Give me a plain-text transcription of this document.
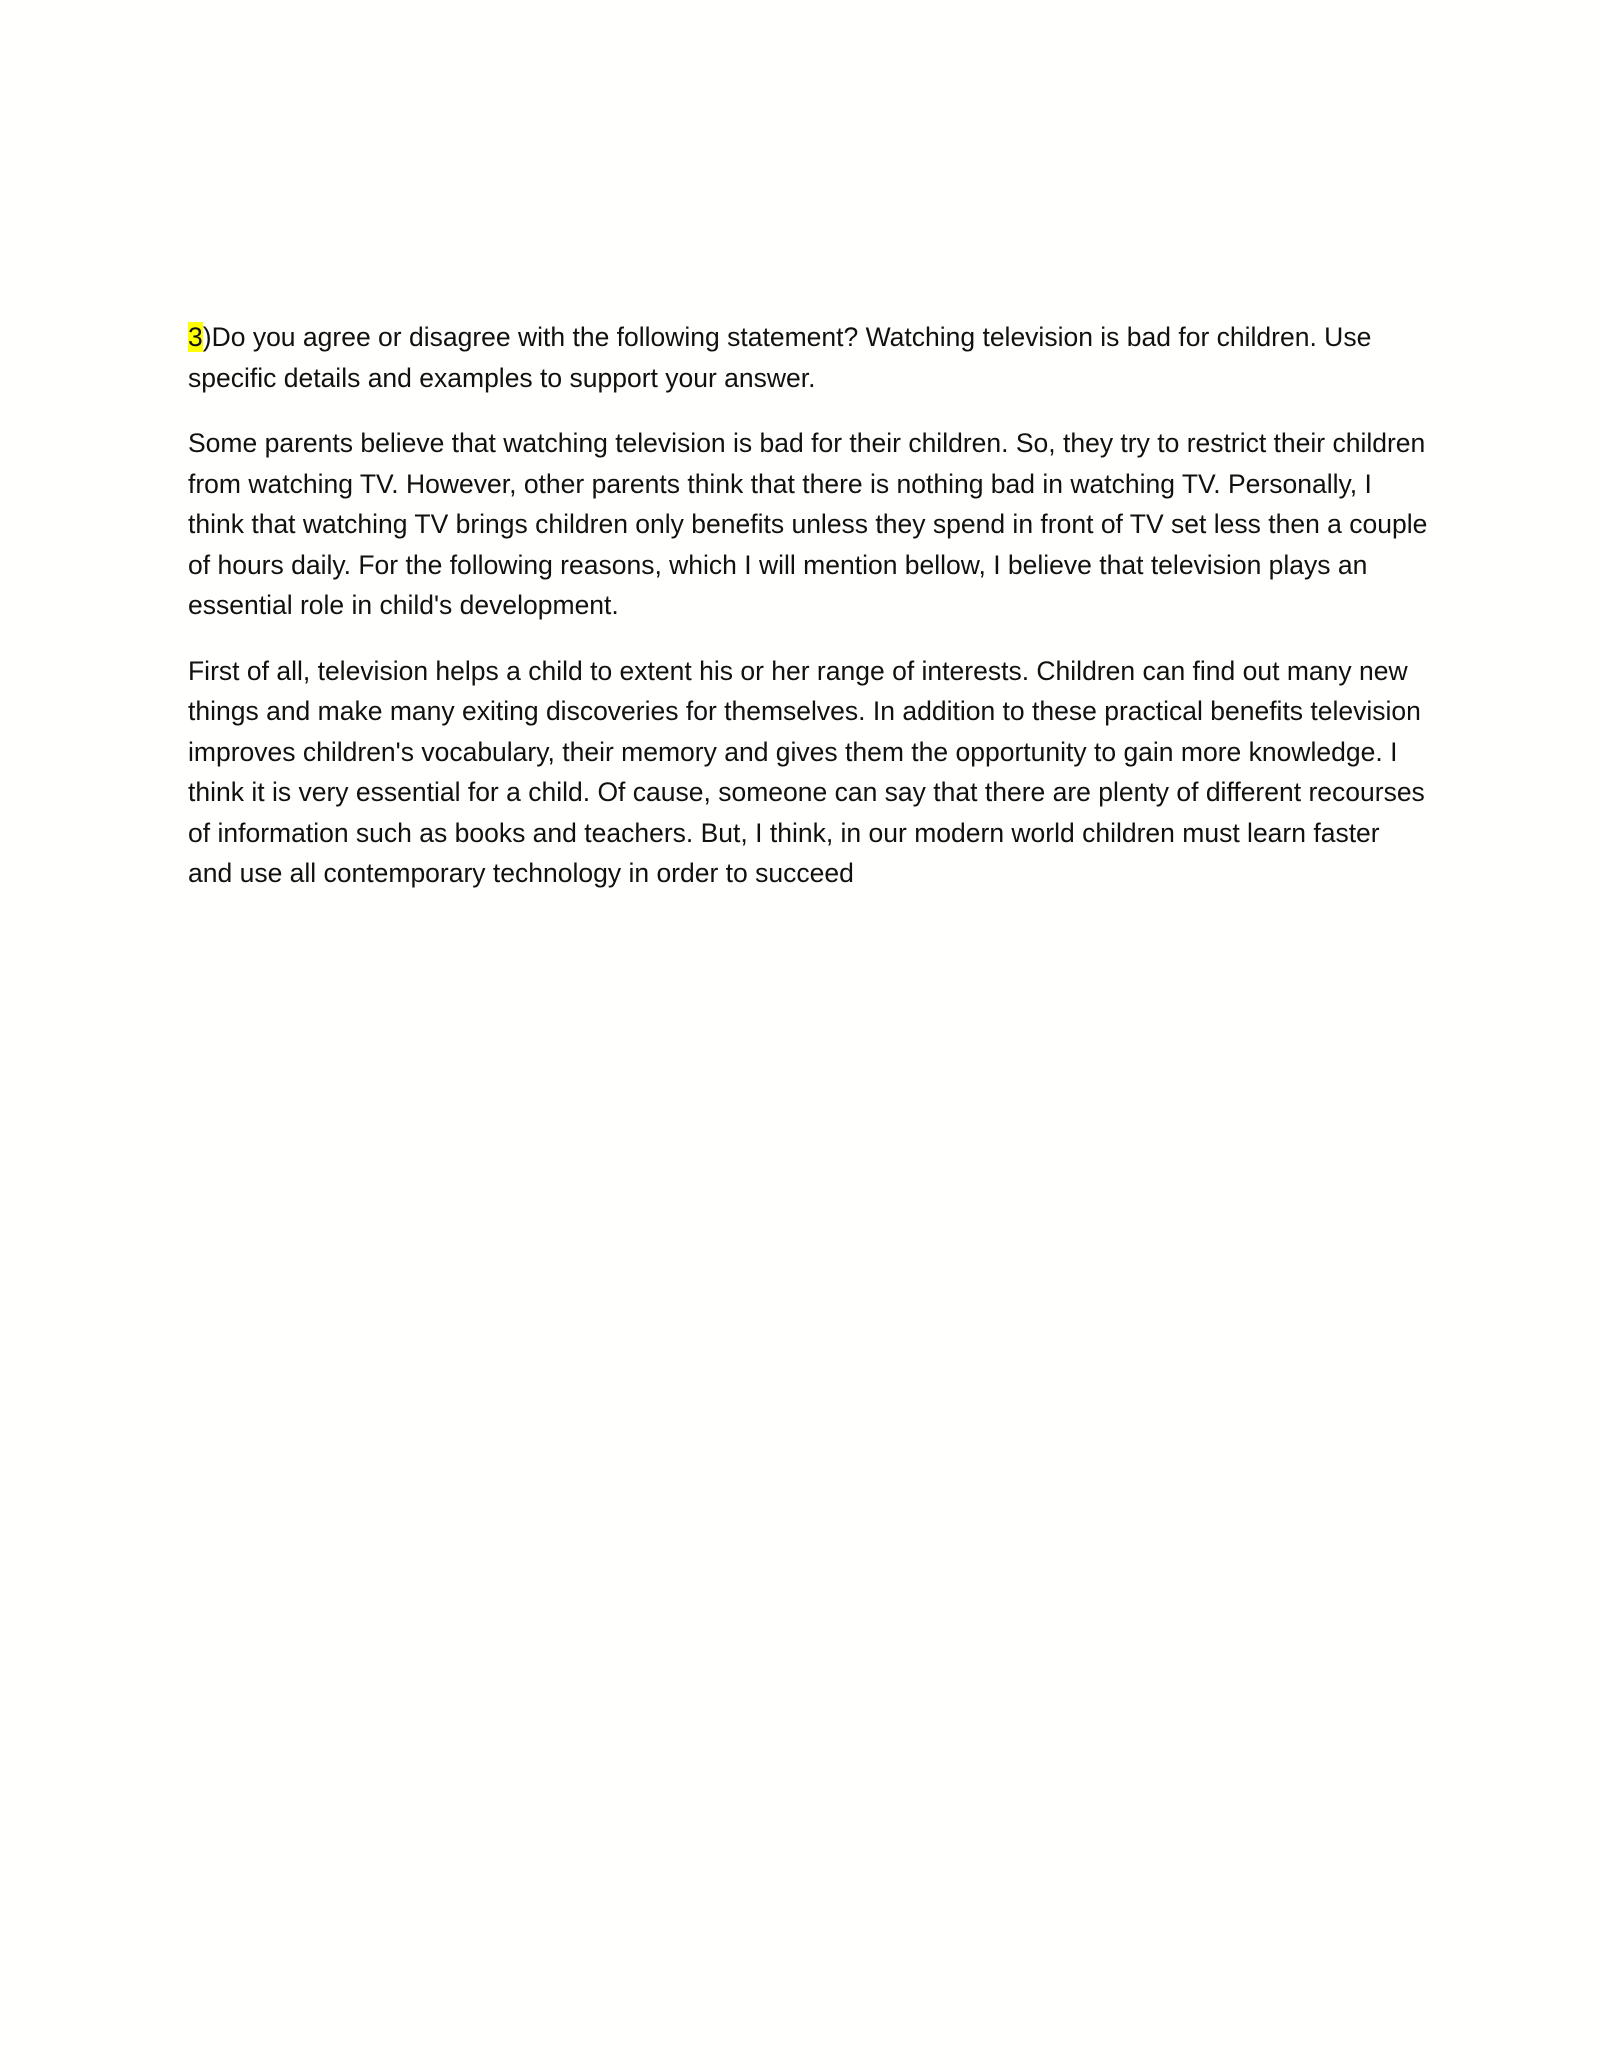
3)Do you agree or disagree with the following statement? Watching television is bad for children. Use specific details and examples to support your answer.

Some parents believe that watching television is bad for their children. So, they try to restrict their children from watching TV. However, other parents think that there is nothing bad in watching TV. Personally, I think that watching TV brings children only benefits unless they spend in front of TV set less then a couple of hours daily. For the following reasons, which I will mention bellow, I believe that television plays an essential role in child's development.

First of all, television helps a child to extent his or her range of interests. Children can find out many new things and make many exiting discoveries for themselves. In addition to these practical benefits television improves children's vocabulary, their memory and gives them the opportunity to gain more knowledge. I think it is very essential for a child. Of cause, someone can say that there are plenty of different recourses of information such as books and teachers. But, I think, in our modern world children must learn faster and use all contemporary technology in order to succeed
